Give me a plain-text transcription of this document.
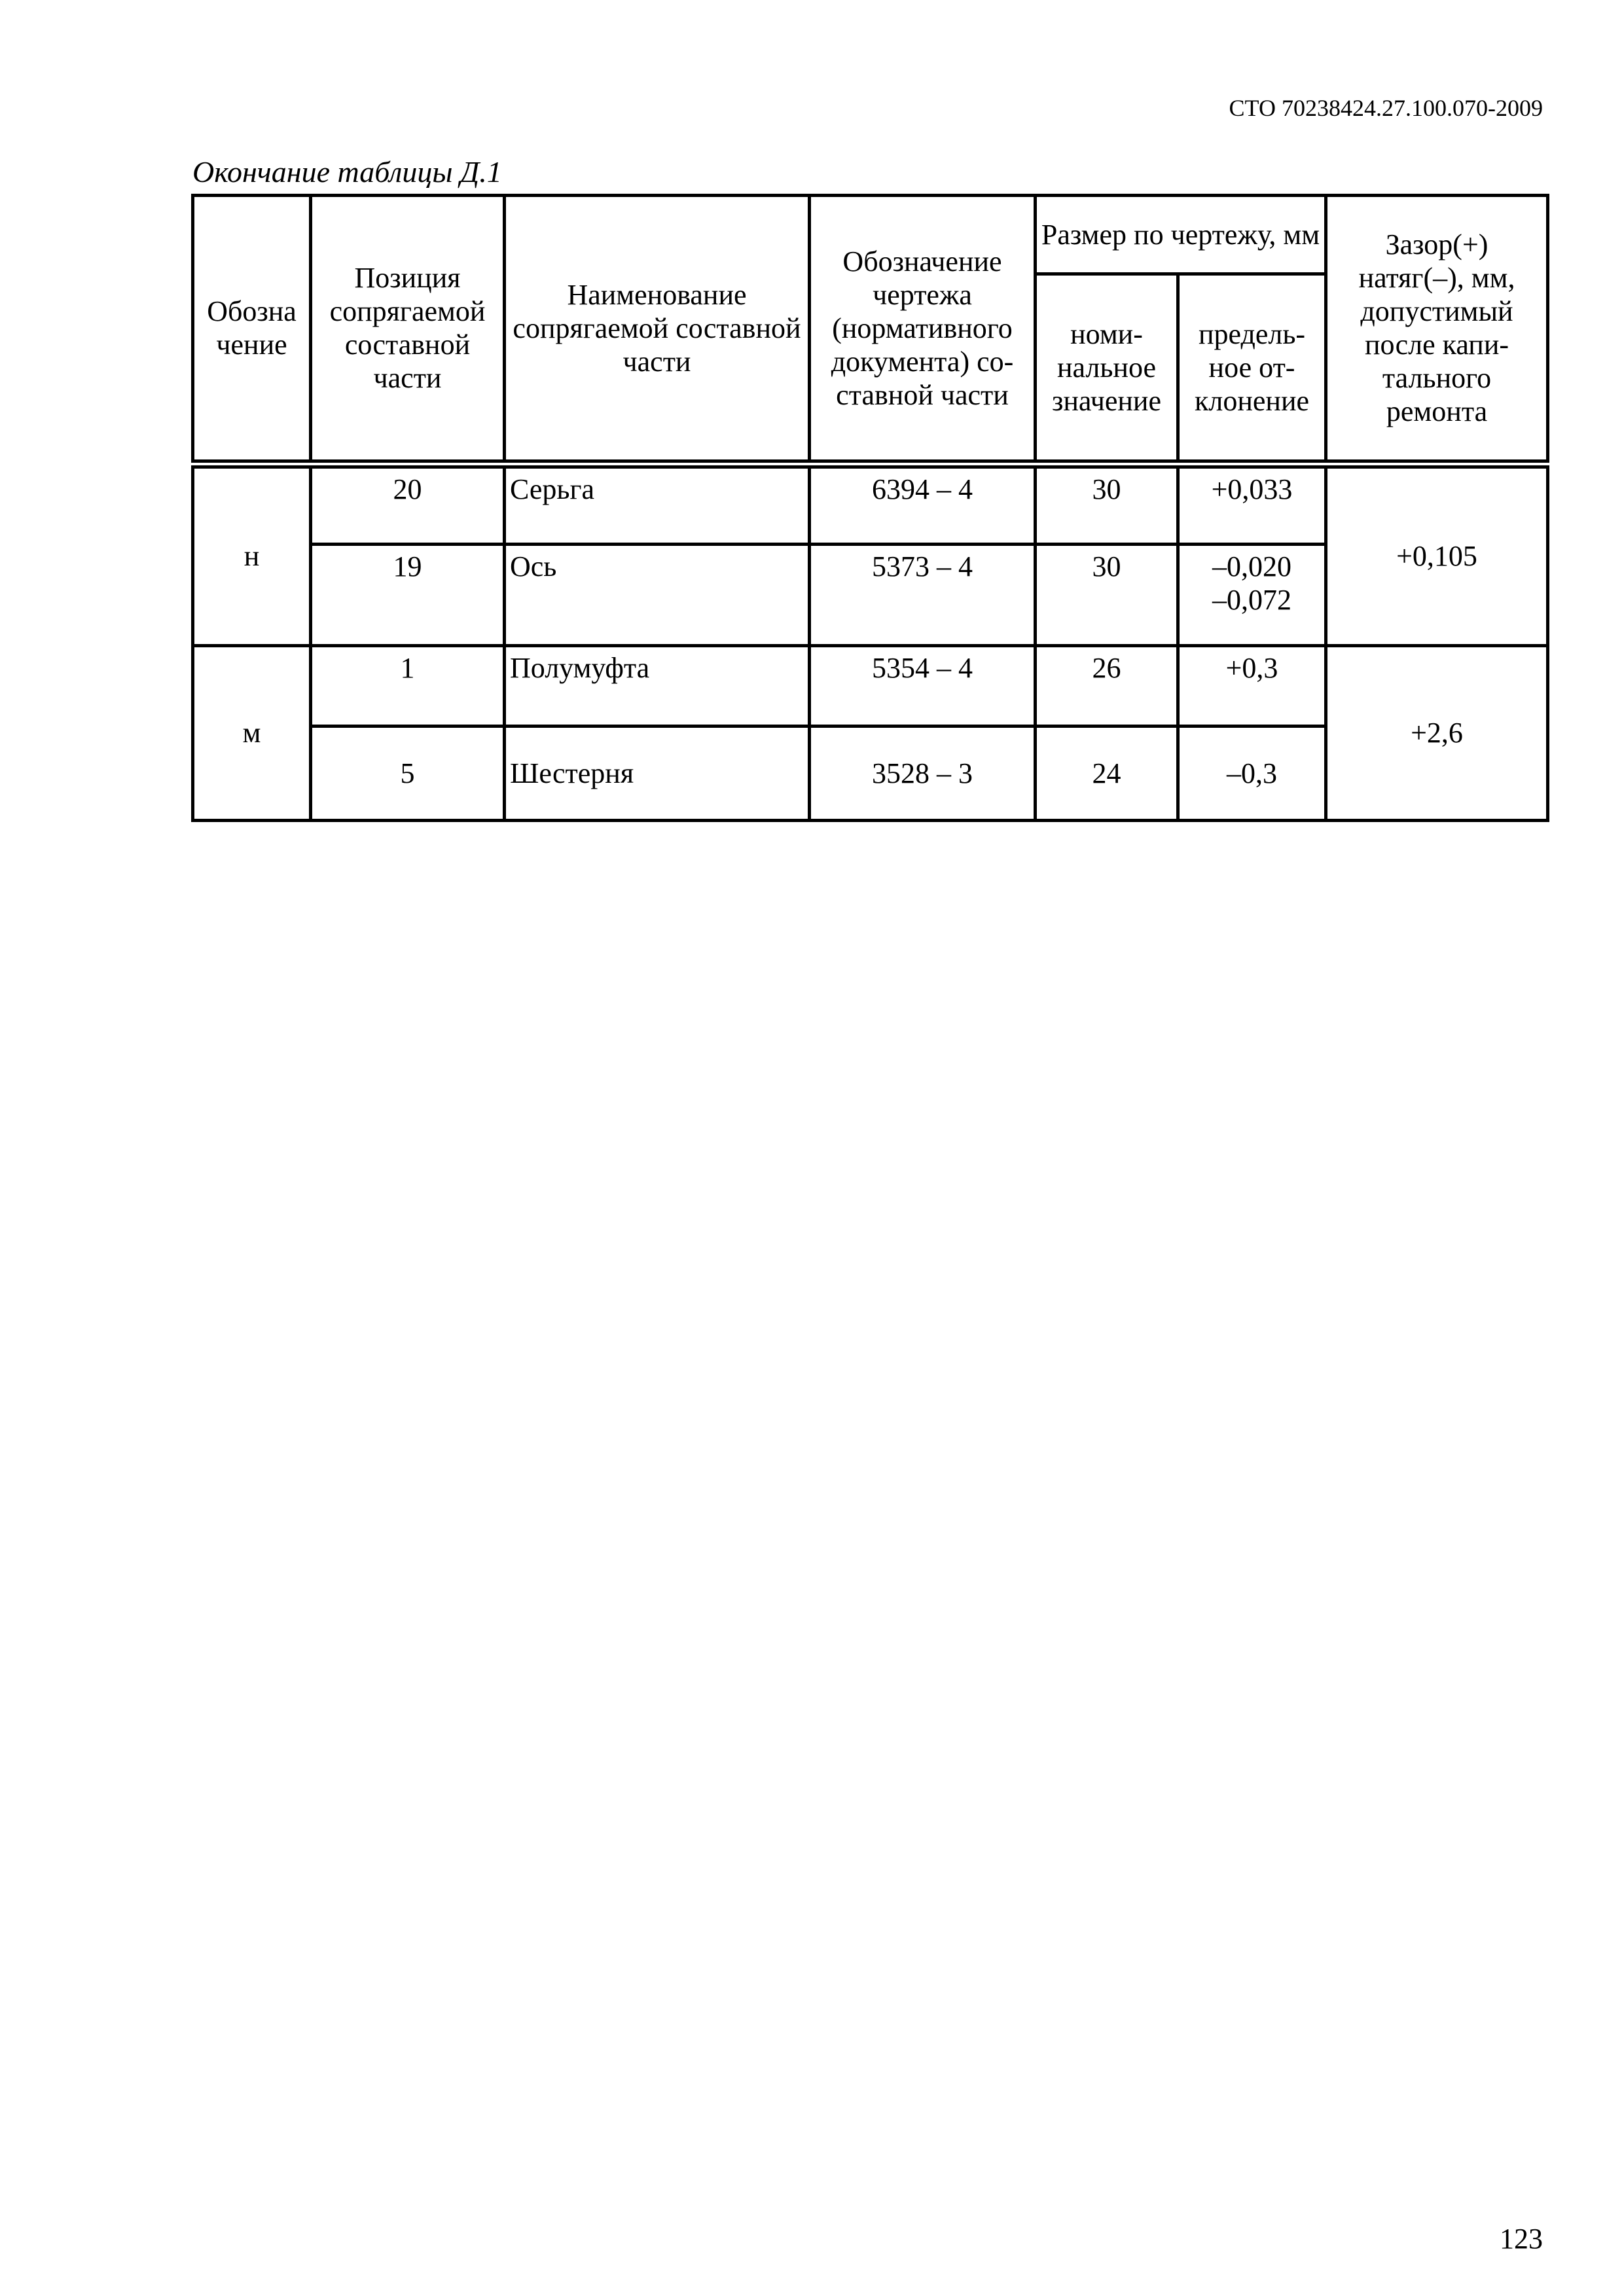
СТО 70238424.27.100.070-2009
Окончание таблицы Д.1
Обозна чение	Позиция сопрягаемой составной части	Наименование сопрягаемой составной части	Обозначение чертежа (нормативного документа) со-ставной части	Размер по чертежу, мм		Зазор(+) натяг(–), мм, допустимый после капи-тального ремонта
				номи-нальное значение	предель-ное от-клонение	
н	20	Серьга	6394 – 4	30	+0,033	+0,105
	19	Ось	5373 – 4	30	–0,020
–0,072	

м	1	Полумуфта	5354 – 4	26	+0,3	+2,6
	5	Шестерня	3528 – 3	24	–0,3	
123
